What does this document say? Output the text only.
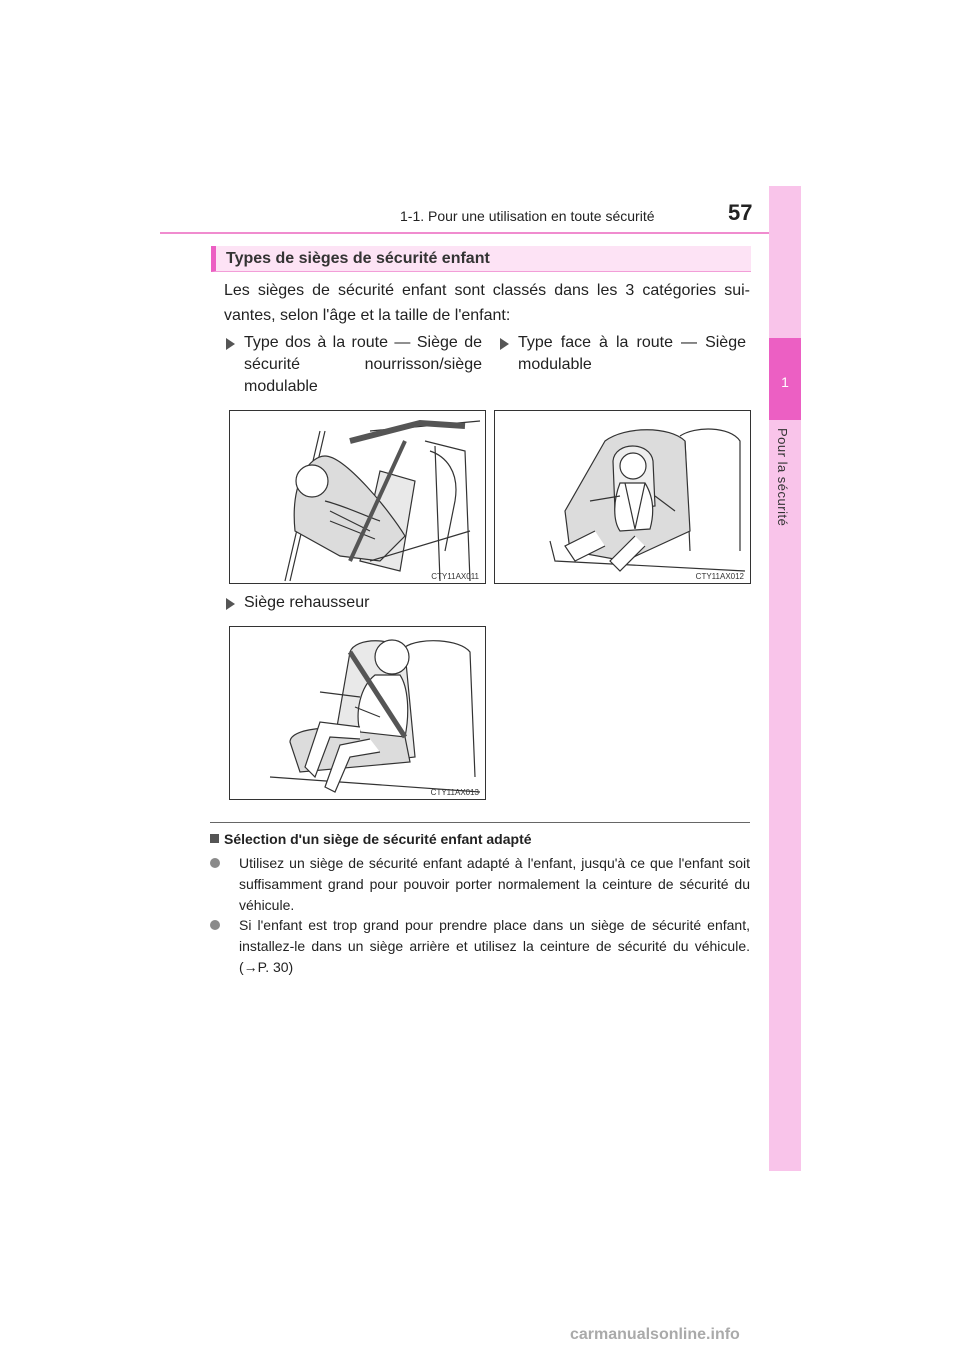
1-1. Pour une utilisation en toute sécurité	57
1
Pour la sécurité
Types de sièges de sécurité enfant
Les sièges de sécurité enfant sont classés dans les 3 catégories sui-vantes, selon l'âge et la taille de l'enfant:
Type dos à la route — Siège de sécurité nourrisson/siège modulable
Type face à la route — Siège modulable
CTY11AX011	CTY11AX012
Siège rehausseur
CTY11AX013
Sélection d'un siège de sécurité enfant adapté
Utilisez un siège de sécurité enfant adapté à l'enfant, jusqu'à ce que l'enfant soit suffisamment grand pour pouvoir porter normalement la ceinture de sécurité du véhicule.
Si l'enfant est trop grand pour prendre place dans un siège de sécurité enfant, installez-le dans un siège arrière et utilisez la ceinture de sécurité du véhicule. (→P. 30)
carmanualsonline.info
